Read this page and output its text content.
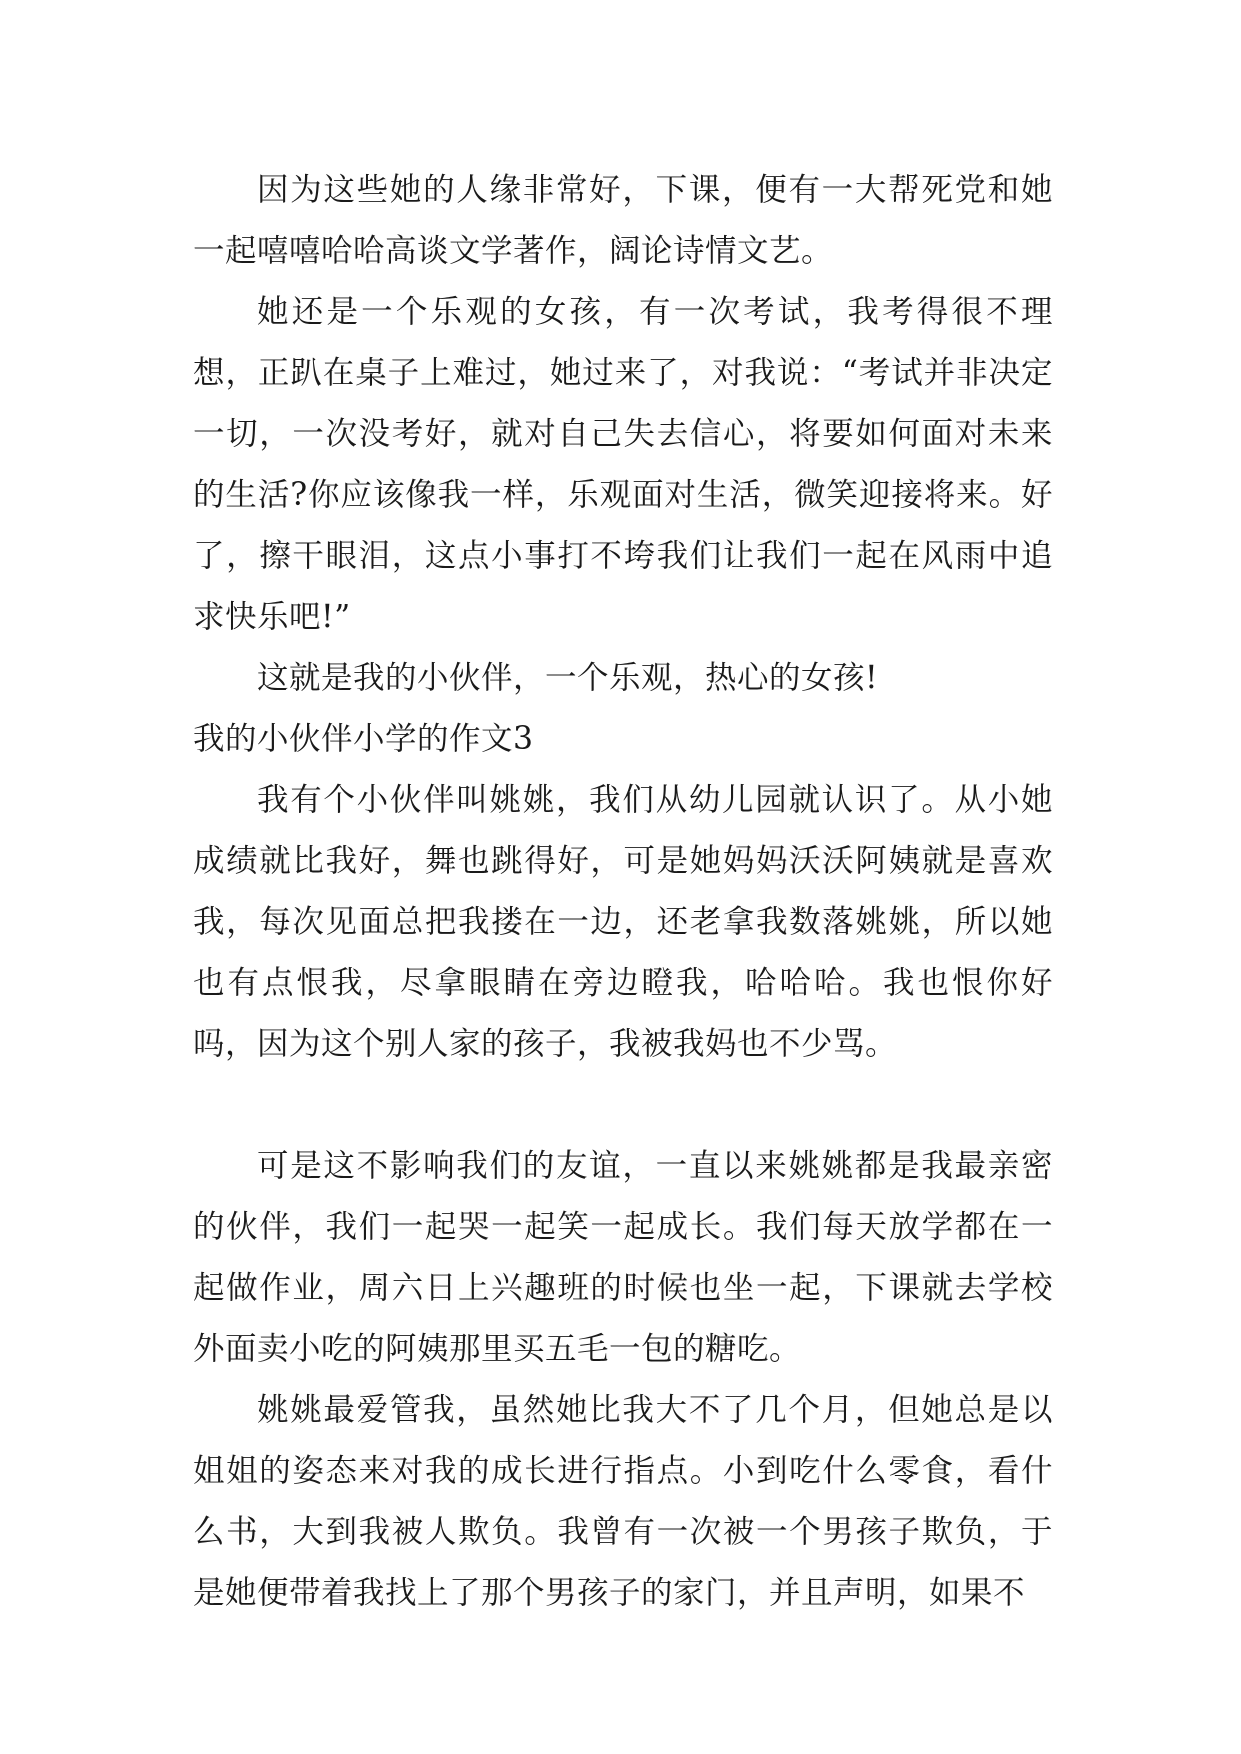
因为这些她的人缘非常好，下课，便有一大帮死党和她一起嘻嘻哈哈高谈文学著作，阔论诗情文艺。

她还是一个乐观的女孩，有一次考试，我考得很不理想，正趴在桌子上难过，她过来了，对我说：“考试并非决定一切，一次没考好，就对自己失去信心，将要如何面对未来的生活?你应该像我一样，乐观面对生活，微笑迎接将来。好了，擦干眼泪，这点小事打不垮我们让我们一起在风雨中追求快乐吧!”

这就是我的小伙伴，一个乐观，热心的女孩!

我的小伙伴小学的作文3

我有个小伙伴叫姚姚，我们从幼儿园就认识了。从小她成绩就比我好，舞也跳得好，可是她妈妈沃沃阿姨就是喜欢我，每次见面总把我搂在一边，还老拿我数落姚姚，所以她也有点恨我，尽拿眼睛在旁边瞪我，哈哈哈。我也恨你好吗，因为这个别人家的孩子，我被我妈也不少骂。

可是这不影响我们的友谊，一直以来姚姚都是我最亲密的伙伴，我们一起哭一起笑一起成长。我们每天放学都在一起做作业，周六日上兴趣班的时候也坐一起，下课就去学校外面卖小吃的阿姨那里买五毛一包的糖吃。

姚姚最爱管我，虽然她比我大不了几个月，但她总是以姐姐的姿态来对我的成长进行指点。小到吃什么零食，看什么书，大到我被人欺负。我曾有一次被一个男孩子欺负，于是她便带着我找上了那个男孩子的家门，并且声明，如果不
